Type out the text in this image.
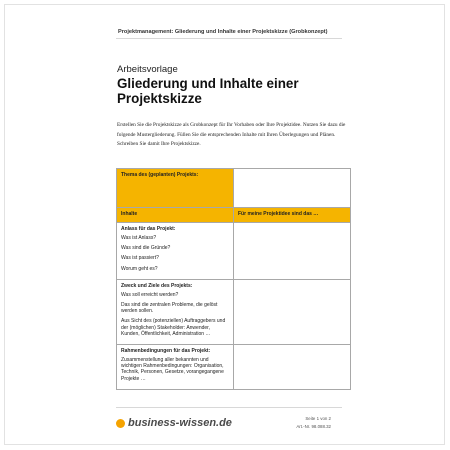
Projektmanagement: Gliederung und Inhalte einer Projektskizze (Grobkonzept)
Arbeitsvorlage
Gliederung und Inhalte einer Projektskizze

Erstellen Sie die Projektskizze als Grobkonzept für Ihr Vorhaben oder Ihre Projektidee. Nutzen Sie dazu die folgende Mustergliederung. Füllen Sie die entsprechenden Inhalte mit Ihren Überlegungen und Plänen. Schreiben Sie damit Ihre Projektskizze.

Thema des (geplanten) Projekts:	
Inhalte	Für meine Projektidee sind das …

Anlass für das Projekt:
Was ist Anlass?
Was sind die Gründe?
Was ist passiert?
Worum geht es?	

Zweck und Ziele des Projekts:
Was soll erreicht werden?
Das sind die zentralen Probleme, die gelöst werden sollen.
Aus Sicht des (potenziellen) Auftraggebers und der (möglichen) Stakeholder: Anwender, Kunden, Öffentlichkeit, Administration …	

Rahmenbedingungen für das Projekt:
Zusammenstellung aller bekannten und wichtigen Rahmenbedingungen: Organisation, Technik, Personen, Gesetze, vorangegangene Projekte …	

business-wissen.de	Seite 1 von 2
Art.-Nr. 98.088.32
